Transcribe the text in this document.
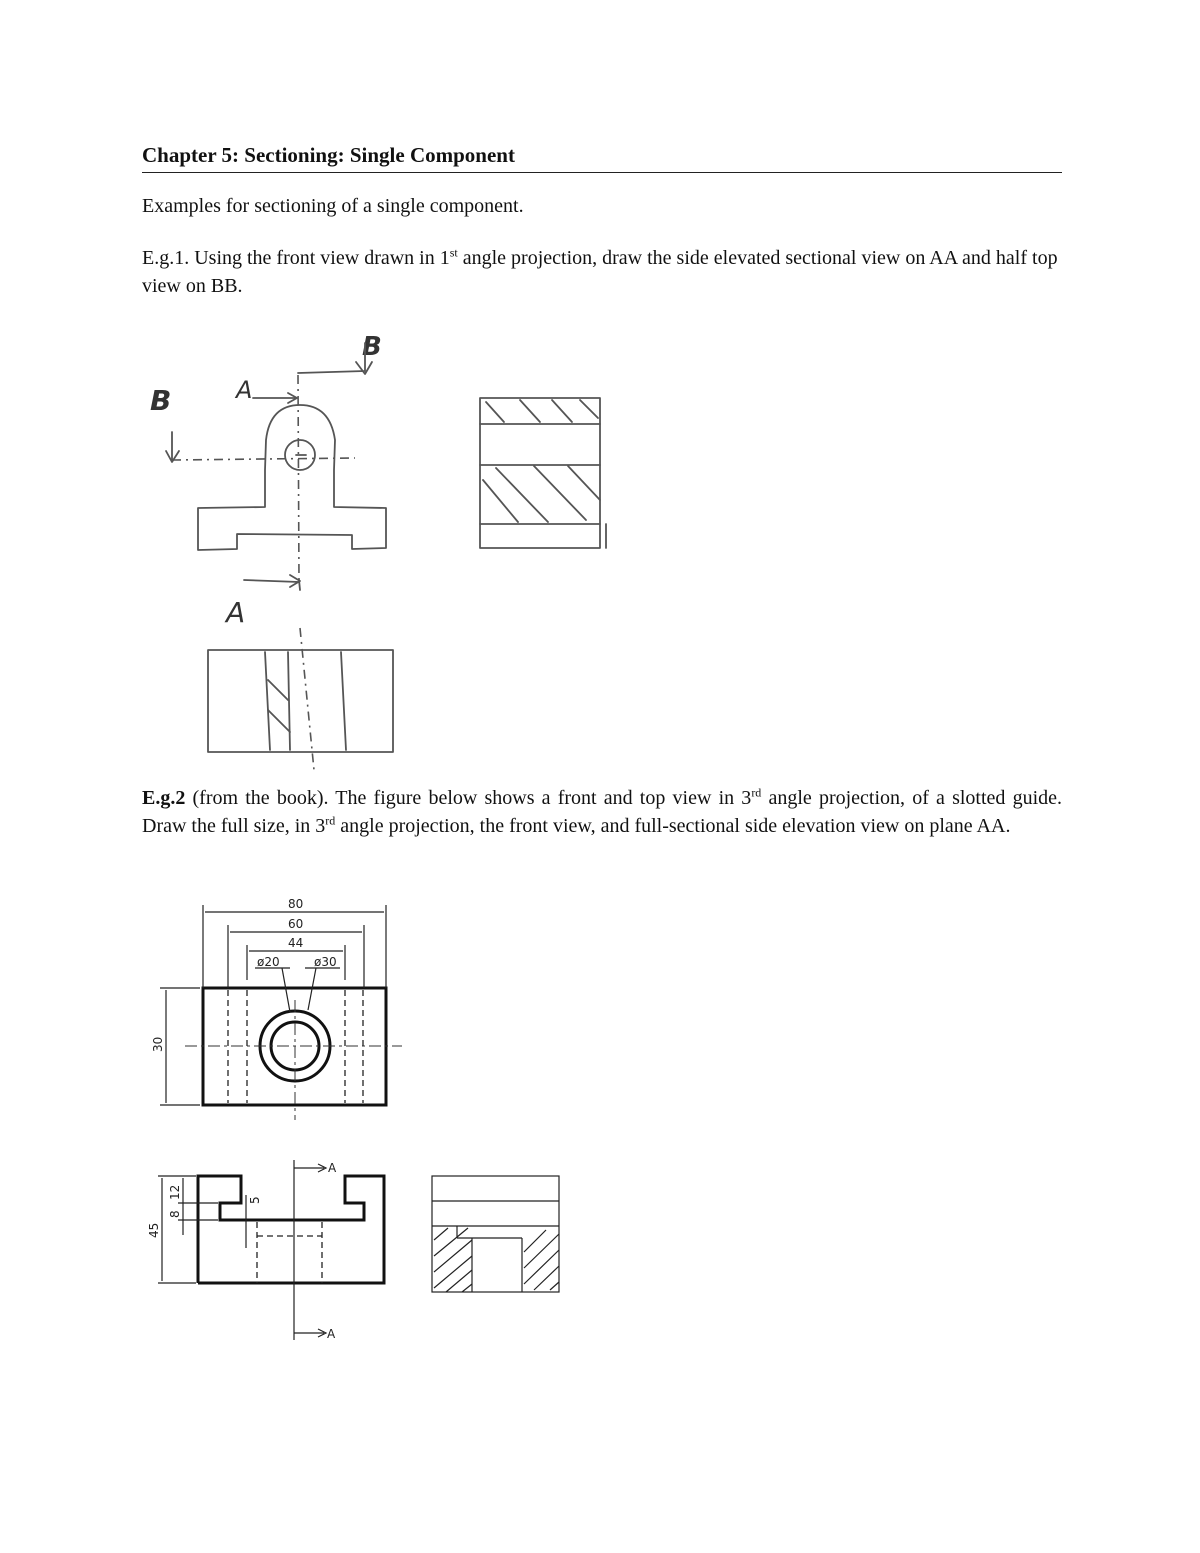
Chapter 5: Sectioning: Single Component
Examples for sectioning of a single component.
E.g.1. Using the front view drawn in 1st angle projection, draw the side elevated sectional view on AA and half top view on BB.
B
B	A
A
E.g.2 (from the book). The figure below shows a front and top view in 3rd angle projection, of a slotted guide. Draw the full size, in 3rd angle projection, the front view, and full-sectional side elevation view on plane AA.
80
60
44
ø20	ø30
30
A
A
45
12
8
5
